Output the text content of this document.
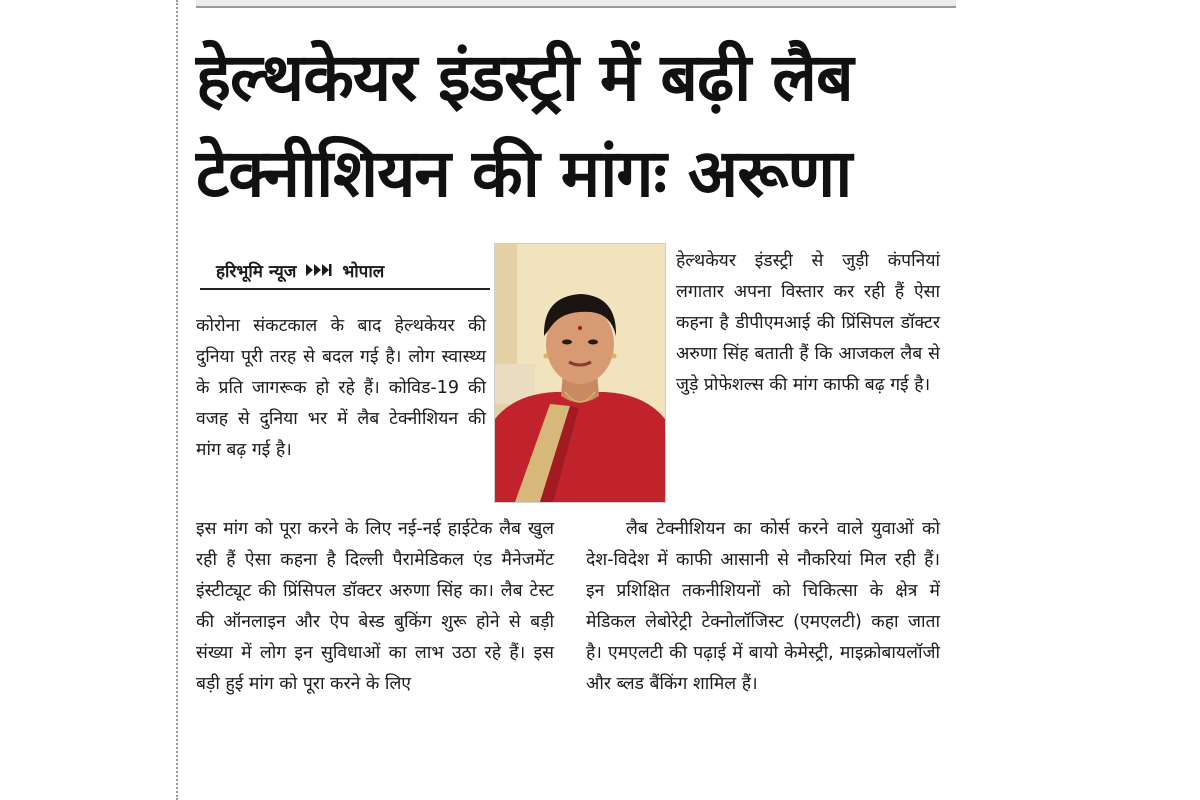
हेल्थकेयर इंडस्ट्री में बढ़ी लैब
टेक्नीशियन की मांगः अरूणा
हरिभूमि न्यूज	भोपाल

कोरोना संकटकाल के बाद हेल्थकेयर की दुनिया पूरी तरह से बदल गई है। लोग स्वास्थ्य के प्रति जागरूक हो रहे हैं। कोविड-19 की वजह से दुनिया भर में लैब टेक्नीशियन की मांग बढ़ गई है।

इस मांग को पूरा करने के लिए नई-नई हाईटेक लैब खुल रही हैं ऐसा कहना है दिल्ली पैरामेडिकल एंड मैनेजमेंट इंस्टीट्यूट की प्रिंसिपल डॉक्टर अरुणा सिंह का। लैब टेस्ट की ऑनलाइन और ऐप बेस्ड बुकिंग शुरू होने से बड़ी संख्या में लोग इन सुविधाओं का लाभ उठा रहे हैं। इस बड़ी हुई मांग को पूरा करने के लिए

हेल्थकेयर इंडस्ट्री से जुड़ी कंपनियां लगातार अपना विस्तार कर रही हैं ऐसा कहना है डीपीएमआई की प्रिंसिपल डॉक्टर अरुणा सिंह बताती हैं कि आजकल लैब से जुड़े प्रोफेशल्स की मांग काफी बढ़ गई है।

लैब टेक्नीशियन का कोर्स करने वाले युवाओं को देश-विदेश में काफी आसानी से नौकरियां मिल रही हैं। इन प्रशिक्षित तकनीशियनों को चिकित्सा के क्षेत्र में मेडिकल लेबोरेट्री टेक्नोलॉजिस्ट (एमएलटी) कहा जाता है। एमएलटी की पढ़ाई में बायो केमेस्ट्री, माइक्रोबायलॉजी और ब्लड बैंकिंग शामिल हैं।
